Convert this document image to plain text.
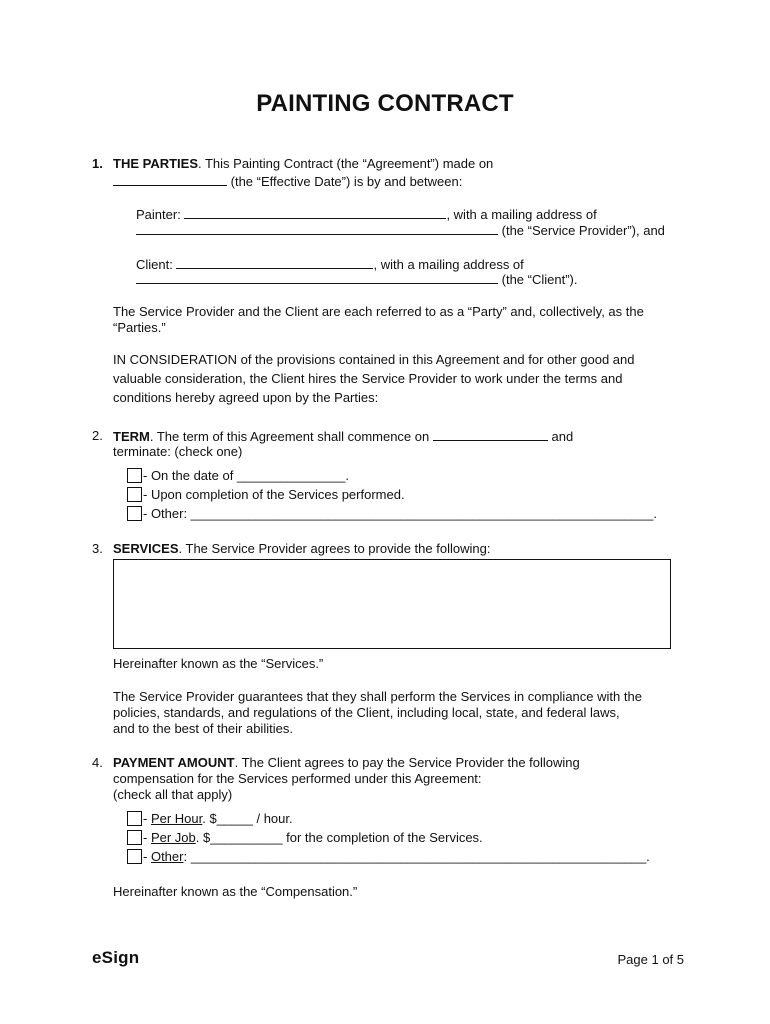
PAINTING CONTRACT
1. THE PARTIES. This Painting Contract (the “Agreement”) made on
(the “Effective Date”) is by and between:
Painter:	, with a mailing address of
(the “Service Provider”), and
Client:	, with a mailing address of
(the “Client”).
The Service Provider and the Client are each referred to as a “Party” and, collectively, as the
“Parties.”
IN CONSIDERATION of the provisions contained in this Agreement and for other good and
valuable consideration, the Client hires the Service Provider to work under the terms and
conditions hereby agreed upon by the Parties:
2. TERM. The term of this Agreement shall commence on	and
terminate: (check one)
- On the date of _______________.
- Upon completion of the Services performed.
- Other: ________________________________________________________________.
3. SERVICES. The Service Provider agrees to provide the following:
Hereinafter known as the “Services.”
The Service Provider guarantees that they shall perform the Services in compliance with the
policies, standards, and regulations of the Client, including local, state, and federal laws,
and to the best of their abilities.
4. PAYMENT AMOUNT. The Client agrees to pay the Service Provider the following
compensation for the Services performed under this Agreement:
(check all that apply)
- Per Hour. $_____ / hour.
- Per Job. $__________ for the completion of the Services.
- Other: _______________________________________________________________.
Hereinafter known as the “Compensation.”
eSign	Page 1 of 5
